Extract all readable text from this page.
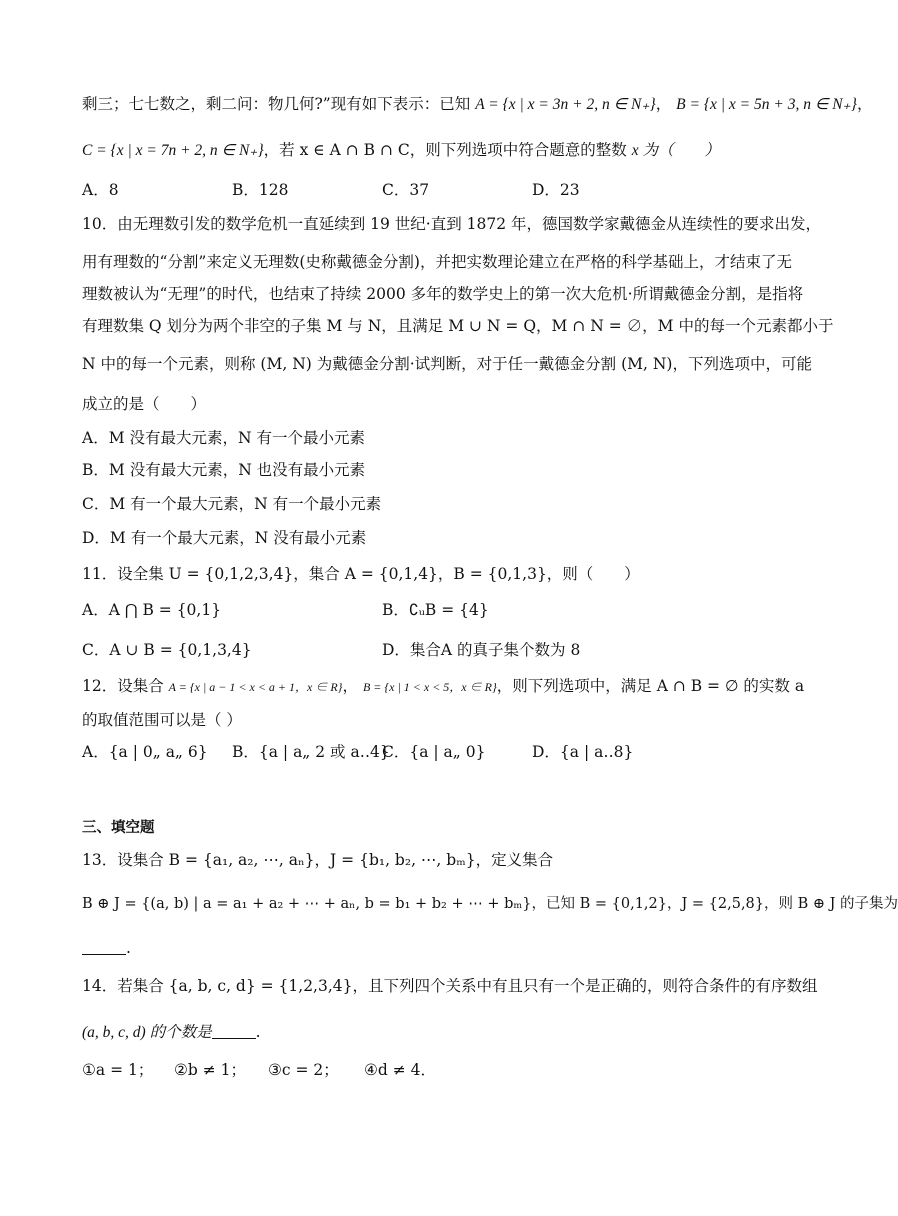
剩三；七七数之，剩二问：物几何?”现有如下表示：已知 A = {x | x = 3n + 2, n ∈ N₊}， B = {x | x = 5n + 3, n ∈ N₊}，
C = {x | x = 7n + 2, n ∈ N₊}，若 x ∈ A ∩ B ∩ C，则下列选项中符合题意的整数 x 为（　　）
A．8	B．128	C．37	D．23
10．由无理数引发的数学危机一直延续到 19 世纪·直到 1872 年，德国数学家戴德金从连续性的要求出发，
用有理数的“分割”来定义无理数(史称戴德金分割)，并把实数理论建立在严格的科学基础上，才结束了无
理数被认为“无理”的时代，也结束了持续 2000 多年的数学史上的第一次大危机·所谓戴德金分割，是指将
有理数集 Q 划分为两个非空的子集 M 与 N，且满足 M ∪ N = Q，M ∩ N = ∅，M 中的每一个元素都小于
N 中的每一个元素，则称 (M, N) 为戴德金分割·试判断，对于任一戴德金分割 (M, N)，下列选项中，可能
成立的是（　　）
A．M 没有最大元素，N 有一个最小元素
B．M 没有最大元素，N 也没有最小元素
C．M 有一个最大元素，N 有一个最小元素
D．M 有一个最大元素，N 没有最小元素
11．设全集 U = {0,1,2,3,4}，集合 A = {0,1,4}，B = {0,1,3}，则（　　）
A．A ⋂ B = {0,1}	B．∁ᵤB = {4}
C．A ∪ B = {0,1,3,4}	D．集合A 的真子集个数为 8
12．设集合 A = {x | a − 1 < x < a + 1，x ∈ R}， B = {x | 1 < x < 5，x ∈ R}，则下列选项中，满足 A ∩ B = ∅ 的实数 a
的取值范围可以是（ ）
A．{a | 0„ a„ 6} B．{a | a„ 2 或 a‥4}
C．{a | a„ 0}	D．{a | a‥8}
三、填空题
13．设集合 B = {a₁, a₂, ⋯, aₙ}，J = {b₁, b₂, ⋯, bₘ}，定义集合
B ⊕ J = {(a, b) | a = a₁ + a₂ + ⋯ + aₙ, b = b₁ + b₂ + ⋯ + bₘ}，已知 B = {0,1,2}，J = {2,5,8}，则 B ⊕ J 的子集为
.
14．若集合 {a, b, c, d} = {1,2,3,4}，且下列四个关系中有且只有一个是正确的，则符合条件的有序数组
(a, b, c, d) 的个数是	.
①a = 1； ②b ≠ 1； ③c = 2； ④d ≠ 4．
